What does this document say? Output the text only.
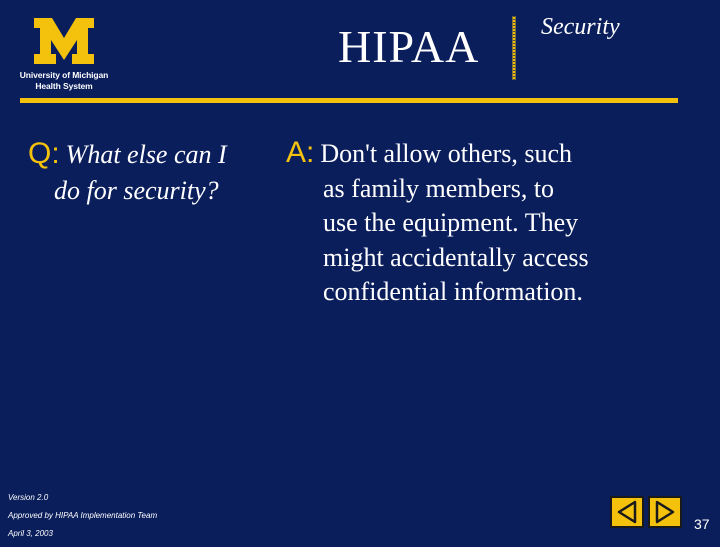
University of Michigan
Health System
HIPAA	Security
Q: What else can I
do for security?
A: Don't allow others, such
as family members, to
use the equipment. They
might accidentally access
confidential information.
Version 2.0
Approved by HIPAA Implementation Team
April 3, 2003
37
